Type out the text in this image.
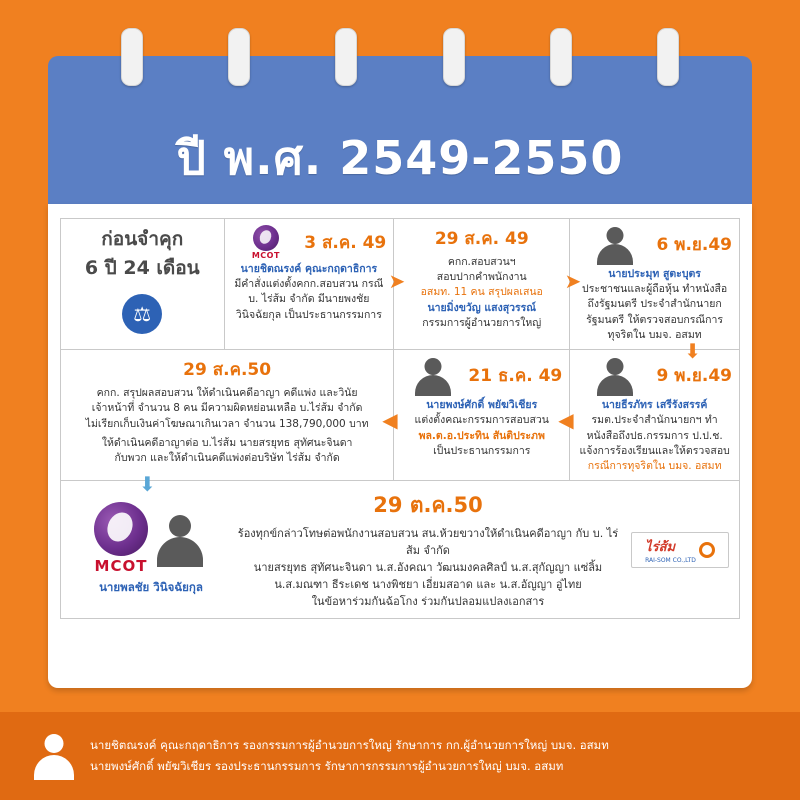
ปี พ.ศ. 2549-2550
ก่อนจำคุก
6 ปี 24 เดือน
⚖

MCOT
3 ส.ค. 49
นายชิตณรงค์ คุณะกฤดาธิการ
มีคำสั่งแต่งตั้งคกก.สอบสวน กรณีบ. ไร่ส้ม จำกัด มีนายพงชัย วินิจฉัยกุล เป็นประธานกรรมการ
➤

29 ส.ค. 49
คกก.สอบสวนฯ
สอบปากคำพนักงาน
อสมท. 11 คน สรุปผลเสนอ
นายมิ่งขวัญ แสงสุวรรณ์
กรรมการผู้อำนวยการใหญ่
➤

6 พ.ย.49
นายประมุท สูตะบุตร
ประชาชนและผู้ถือหุ้น ทำหนังสือถึงรัฐมนตรี ประจำสำนักนายกรัฐมนตรี ให้ตรวจสอบกรณีการทุจริตใน บมจ. อสมท
⬇

29 ส.ค.50
คกก. สรุปผลสอบสวน ให้ดำเนินคดีอาญา คดีแพ่ง และวินัย
เจ้าหน้าที่ จำนวน 8 คน มีความผิดหย่อนเหลือ บ.ไร่ส้ม จำกัด
ไม่เรียกเก็บเงินค่าโฆษณาเกินเวลา จำนวน 138,790,000 บาท
ให้ดำเนินคดีอาญาต่อ บ.ไร่ส้ม นายสรยุทธ สุทัศนะจินดา
กับพวก และให้ดำเนินคดีแพ่งต่อบริษัท ไร่ส้ม จำกัด
⬇

21 ธ.ค. 49
นายพงษ์ศักดิ์ พยัฆวิเชียร
แต่งตั้งคณะกรรมการสอบสวน
พล.ต.อ.ประทิน สันติประภพ
เป็นประธานกรรมการ
◀

9 พ.ย.49
นายธีรภัทร เสรีรังสรรค์
รมต.ประจำสำนักนายกฯ ทำหนังสือถึงปธ.กรรมการ ป.ป.ช. แจ้งการร้องเรียนและให้ตรวจสอบ
กรณีการทุจริตใน บมจ. อสมท
◀

MCOT
นายพลชัย วินิจฉัยกุล
29 ต.ค.50
ร้องทุกข์กล่าวโทษต่อพนักงานสอบสวน สน.ห้วยขวางให้ดำเนินคดีอาญา กับ บ. ไร่ส้ม จำกัด
นายสรยุทธ สุทัศนะจินดา น.ส.อังคณา วัฒนมงคลศิลป์ น.ส.สุกัญญา แซ่ลิ้ม
น.ส.มณฑา ธีระเดช นางพิชยา เอี่ยมสอาด และ น.ส.อัญญา อู่ไทย
ในข้อหาร่วมกันฉ้อโกง ร่วมกันปลอมแปลงเอกสาร
ไร่ส้ม
RAI-SOM CO.,LTD
ที่มา: สำนักข่าวอิศรา www.isranews.org รวบรวม
นายชิตณรงค์ คุณะกฤดาธิการ รองกรรมการผู้อำนวยการใหญ่ รักษาการ กก.ผู้อำนวยการใหญ่ บมจ. อสมท
นายพงษ์ศักดิ์ พยัฆวิเชียร รองประธานกรรมการ รักษาการกรรมการผู้อำนวยการใหญ่ บมจ. อสมท
